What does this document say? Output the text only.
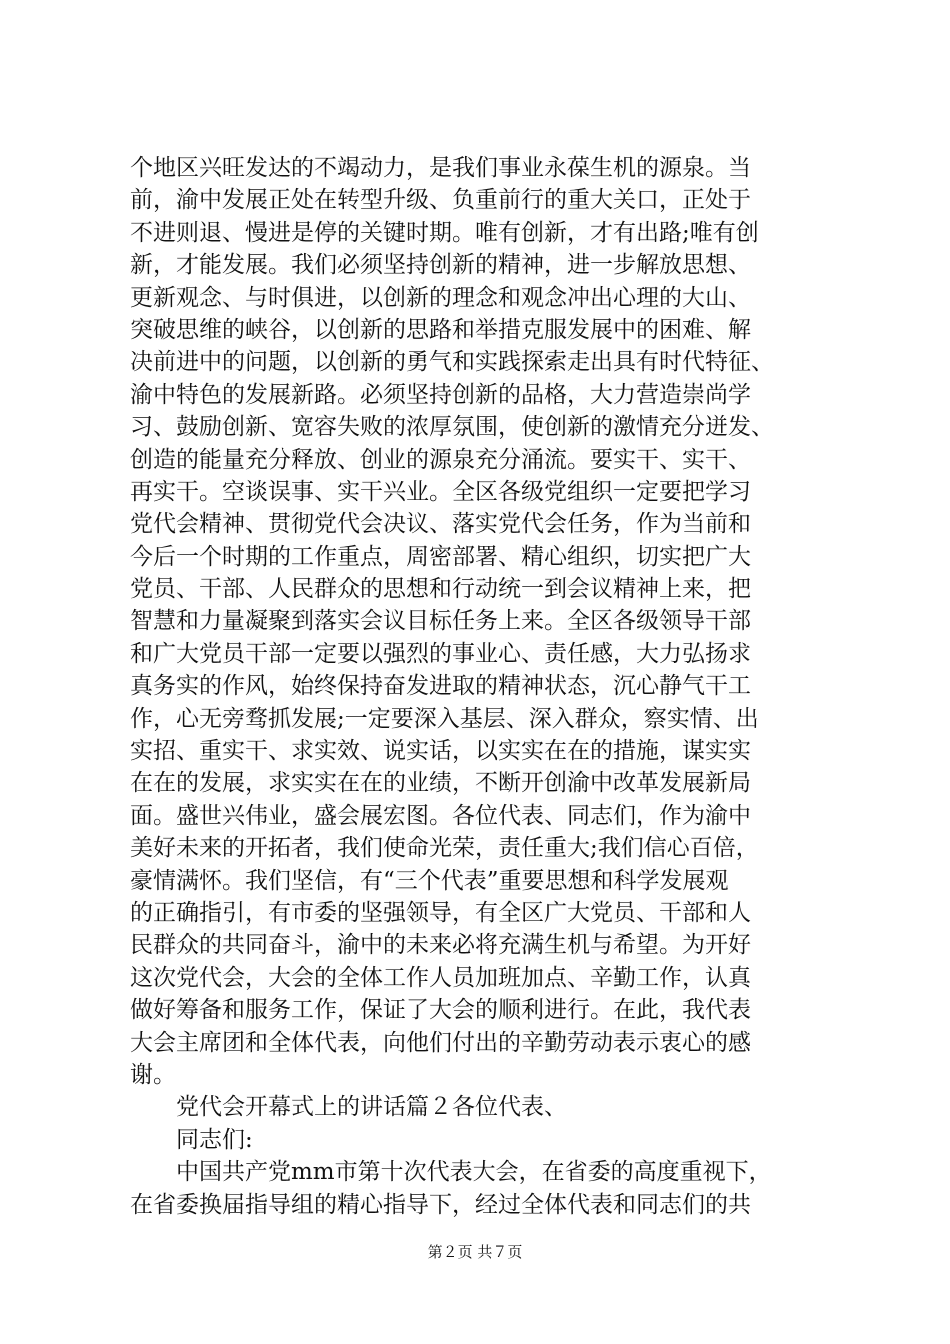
个地区兴旺发达的不竭动力，是我们事业永葆生机的源泉。当
前，渝中发展正处在转型升级、负重前行的重大关口，正处于
不进则退、慢进是停的关键时期。唯有创新，才有出路;唯有创
新，才能发展。我们必须坚持创新的精神，进一步解放思想、
更新观念、与时俱进，以创新的理念和观念冲出心理的大山、
突破思维的峡谷，以创新的思路和举措克服发展中的困难、解
决前进中的问题，以创新的勇气和实践探索走出具有时代特征、
渝中特色的发展新路。必须坚持创新的品格，大力营造崇尚学
习、鼓励创新、宽容失败的浓厚氛围，使创新的激情充分迸发、
创造的能量充分释放、创业的源泉充分涌流。要实干、实干、
再实干。空谈误事、实干兴业。全区各级党组织一定要把学习
党代会精神、贯彻党代会决议、落实党代会任务，作为当前和
今后一个时期的工作重点，周密部署、精心组织，切实把广大
党员、干部、人民群众的思想和行动统一到会议精神上来，把
智慧和力量凝聚到落实会议目标任务上来。全区各级领导干部
和广大党员干部一定要以强烈的事业心、责任感，大力弘扬求
真务实的作风，始终保持奋发进取的精神状态，沉心静气干工
作，心无旁骛抓发展;一定要深入基层、深入群众，察实情、出
实招、重实干、求实效、说实话，以实实在在的措施，谋实实
在在的发展，求实实在在的业绩，不断开创渝中改革发展新局
面。盛世兴伟业，盛会展宏图。各位代表、同志们，作为渝中
美好未来的开拓者，我们使命光荣，责任重大;我们信心百倍，
豪情满怀。我们坚信，有“三个代表”重要思想和科学发展观
的正确指引，有市委的坚强领导，有全区广大党员、干部和人
民群众的共同奋斗，渝中的未来必将充满生机与希望。为开好
这次党代会，大会的全体工作人员加班加点、辛勤工作，认真
做好筹备和服务工作，保证了大会的顺利进行。在此，我代表
大会主席团和全体代表，向他们付出的辛勤劳动表示衷心的感
谢。
党代会开幕式上的讲话篇２各位代表、
同志们:
中国共产党mm市第十次代表大会，在省委的高度重视下，
在省委换届指导组的精心指导下，经过全体代表和同志们的共
第２页 共７页
